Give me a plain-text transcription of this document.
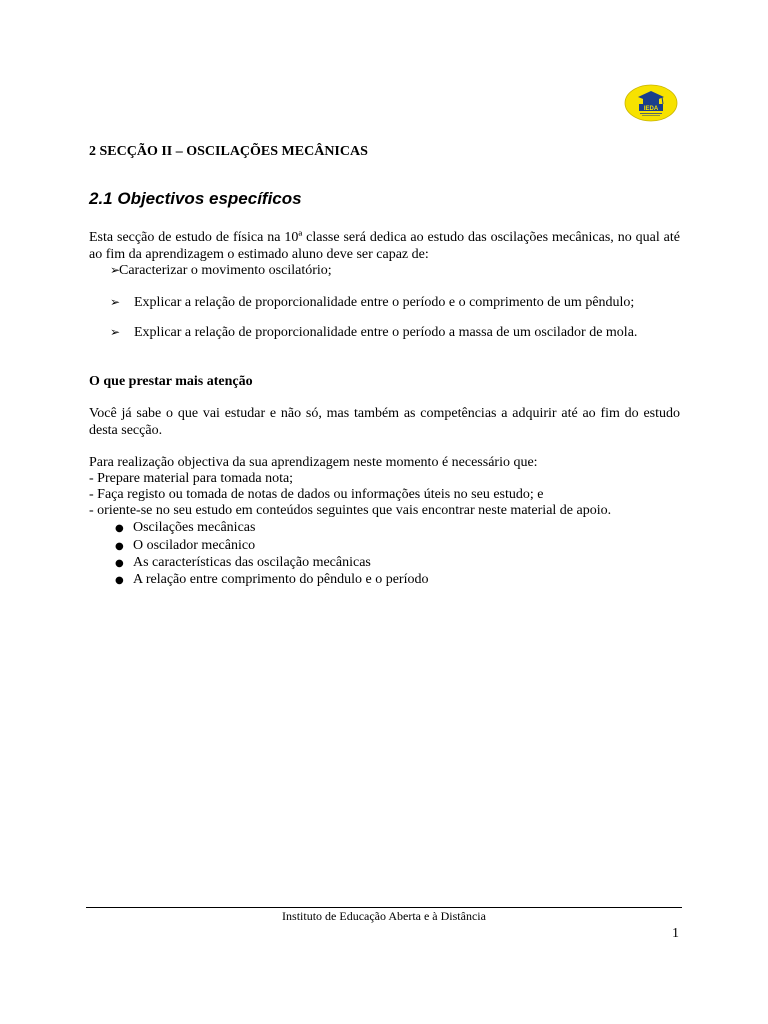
IEDA
2 SECÇÃO II – OSCILAÇÕES MECÂNICAS
2.1 Objectivos específicos

Esta secção de estudo de física na 10ª classe será dedica ao estudo das oscilações mecânicas, no qual até ao fim da aprendizagem o estimado aluno deve ser capaz de:

➢
Caracterizar o movimento oscilatório;
➢ Explicar a relação de proporcionalidade entre o período e o comprimento de um pêndulo;
➢ Explicar a relação de proporcionalidade entre o período a massa de um oscilador de mola.
O que prestar mais atenção

Você já sabe o que vai estudar e não só, mas também as competências a adquirir até ao fim do estudo desta secção.

Para realização objectiva da sua aprendizagem neste momento é necessário que:

- Prepare material para tomada nota;

- Faça registo ou tomada de notas de dados ou informações úteis no seu estudo; e

- oriente-se no seu estudo em conteúdos seguintes que vais encontrar neste material de apoio.

● Oscilações mecânicas

● O oscilador mecânico

● As características das oscilação mecânicas

● A relação entre comprimento do pêndulo e o período

Instituto de Educação Aberta e à Distância

1
